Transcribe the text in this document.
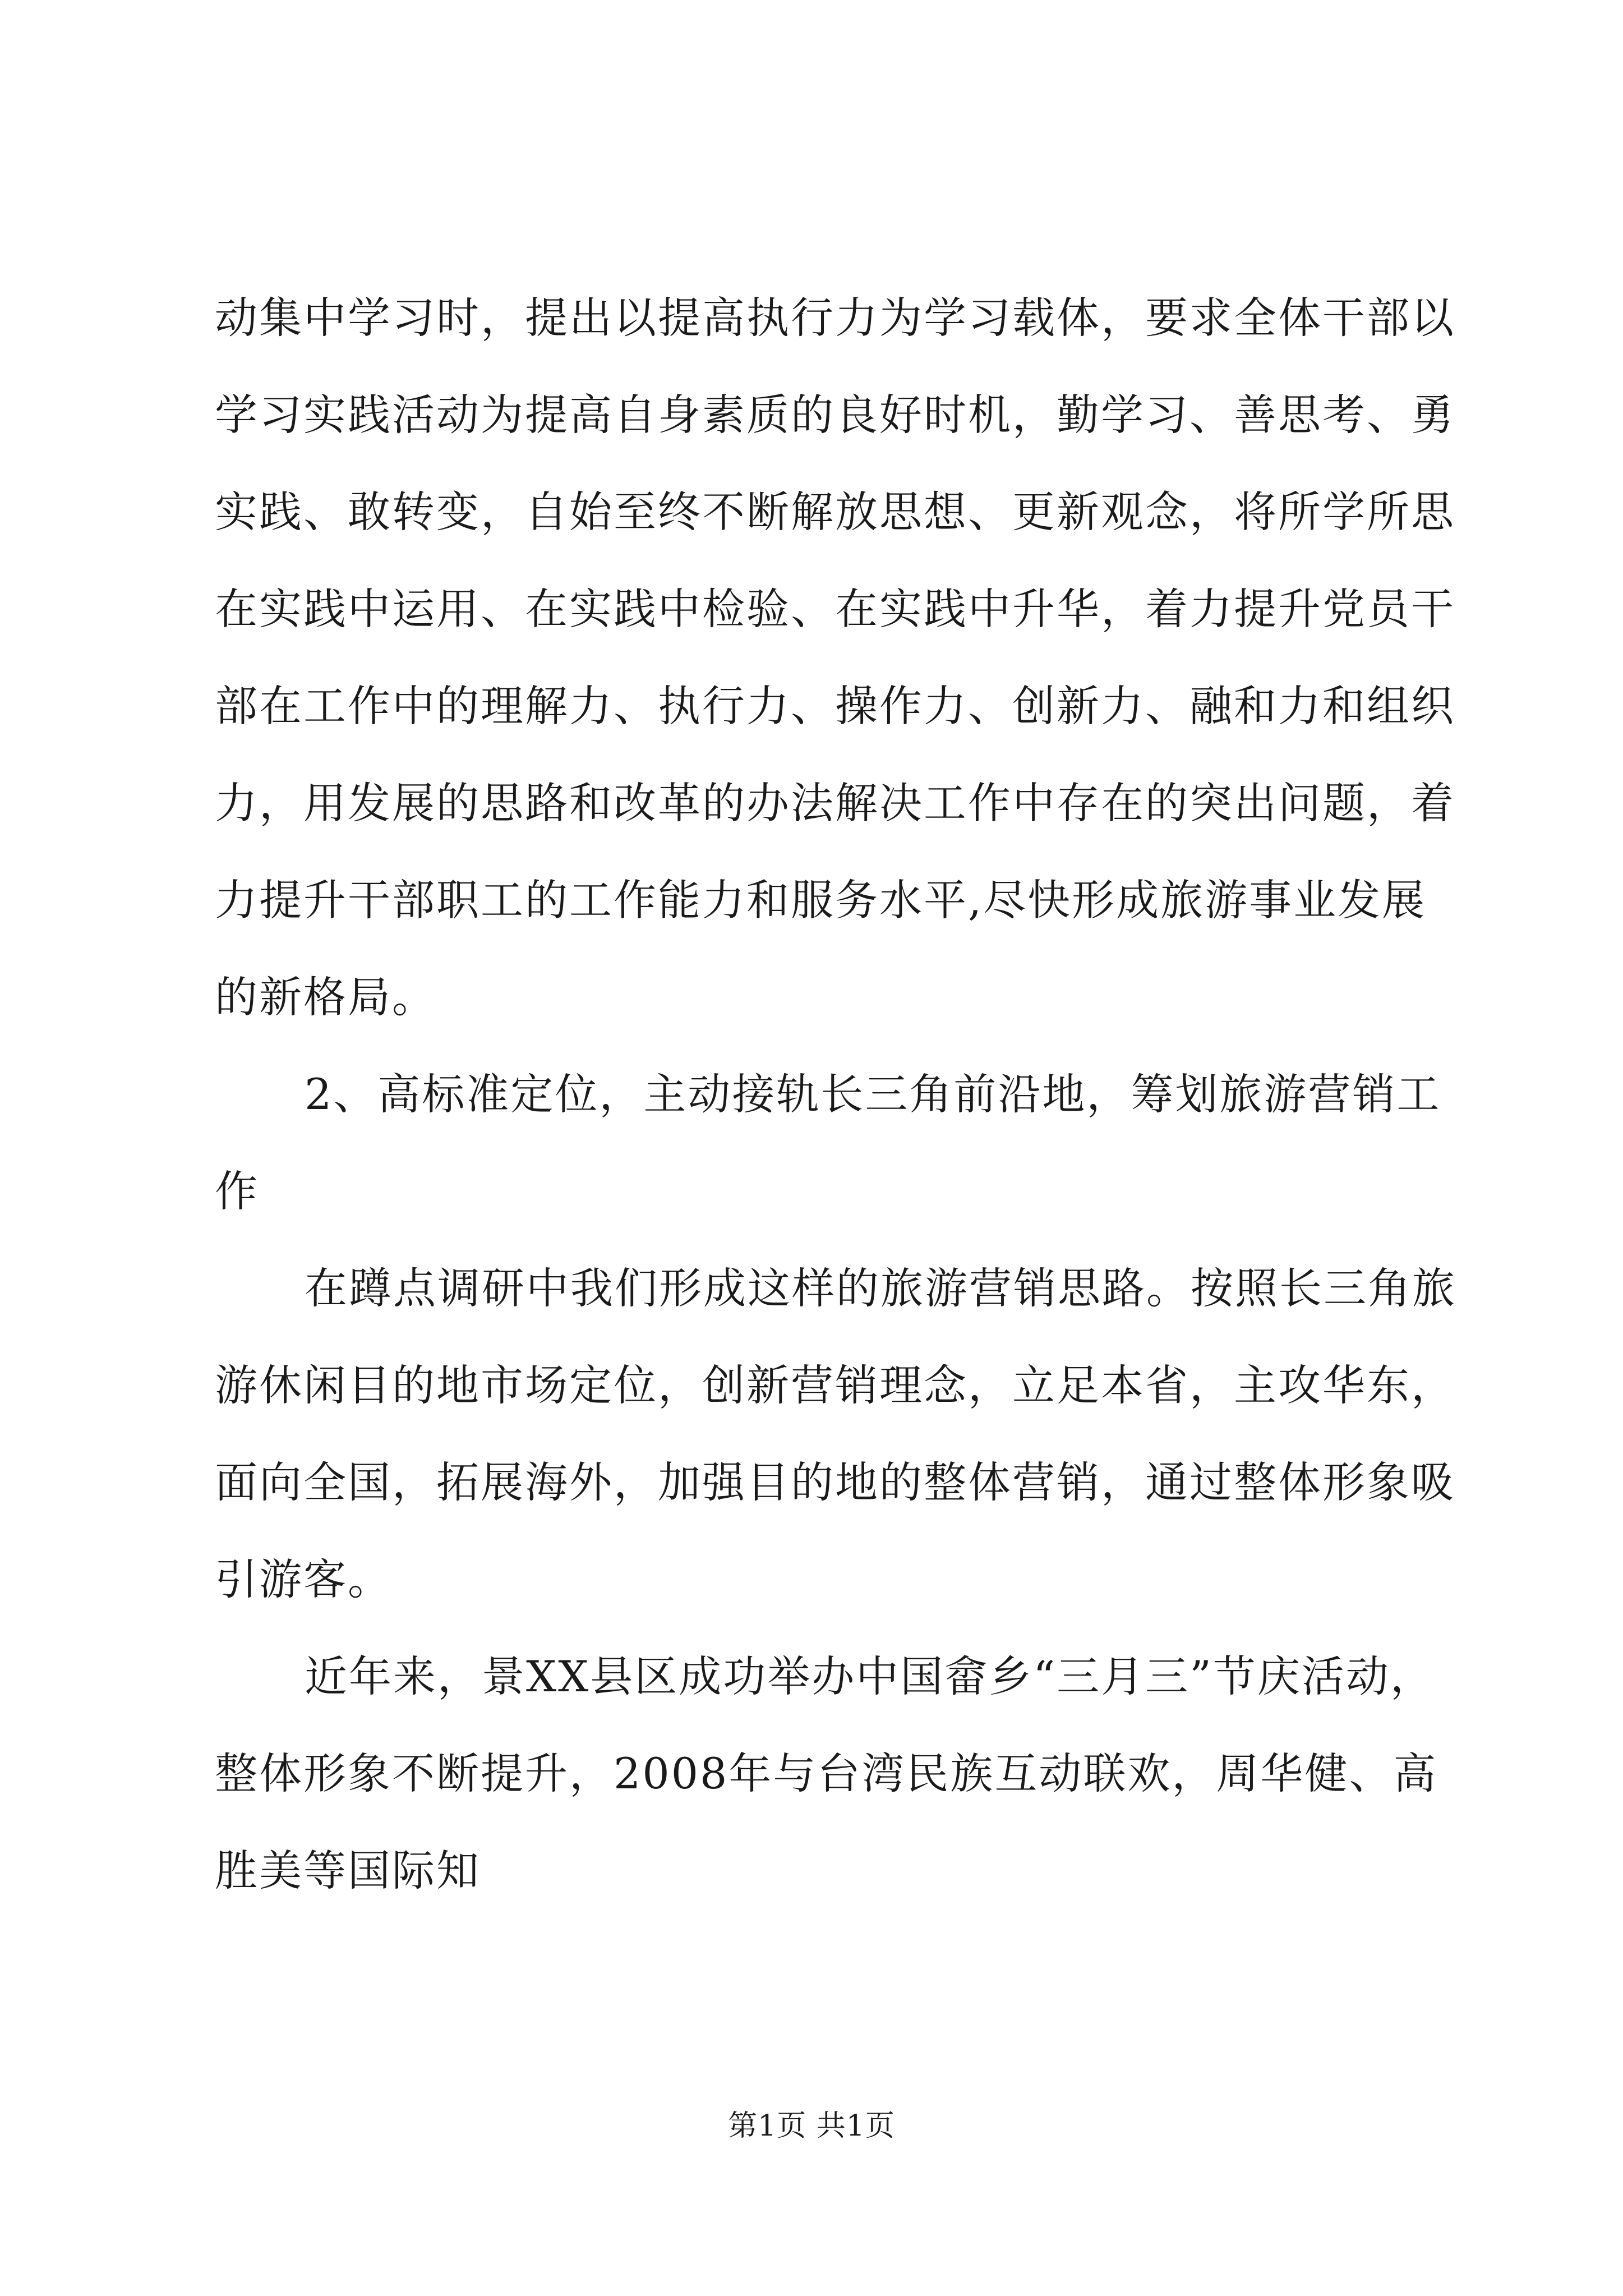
动集中学习时，提出以提高执行力为学习载体，要求全体干部以
学习实践活动为提高自身素质的良好时机，勤学习、善思考、勇
实践、敢转变，自始至终不断解放思想、更新观念，将所学所思
在实践中运用、在实践中检验、在实践中升华，着力提升党员干
部在工作中的理解力、执行力、操作力、创新力、融和力和组织
力，用发展的思路和改革的办法解决工作中存在的突出问题，着
力提升干部职工的工作能力和服务水平,尽快形成旅游事业发展
的新格局。
2、高标准定位，主动接轨长三角前沿地，筹划旅游营销工
作
在蹲点调研中我们形成这样的旅游营销思路。按照长三角旅
游休闲目的地市场定位，创新营销理念，立足本省，主攻华东，
面向全国，拓展海外，加强目的地的整体营销，通过整体形象吸
引游客。
近年来，景XX县区成功举办中国畲乡“三月三”节庆活动，
整体形象不断提升，2008年与台湾民族互动联欢，周华健、高
胜美等国际知
第1页 共1页
